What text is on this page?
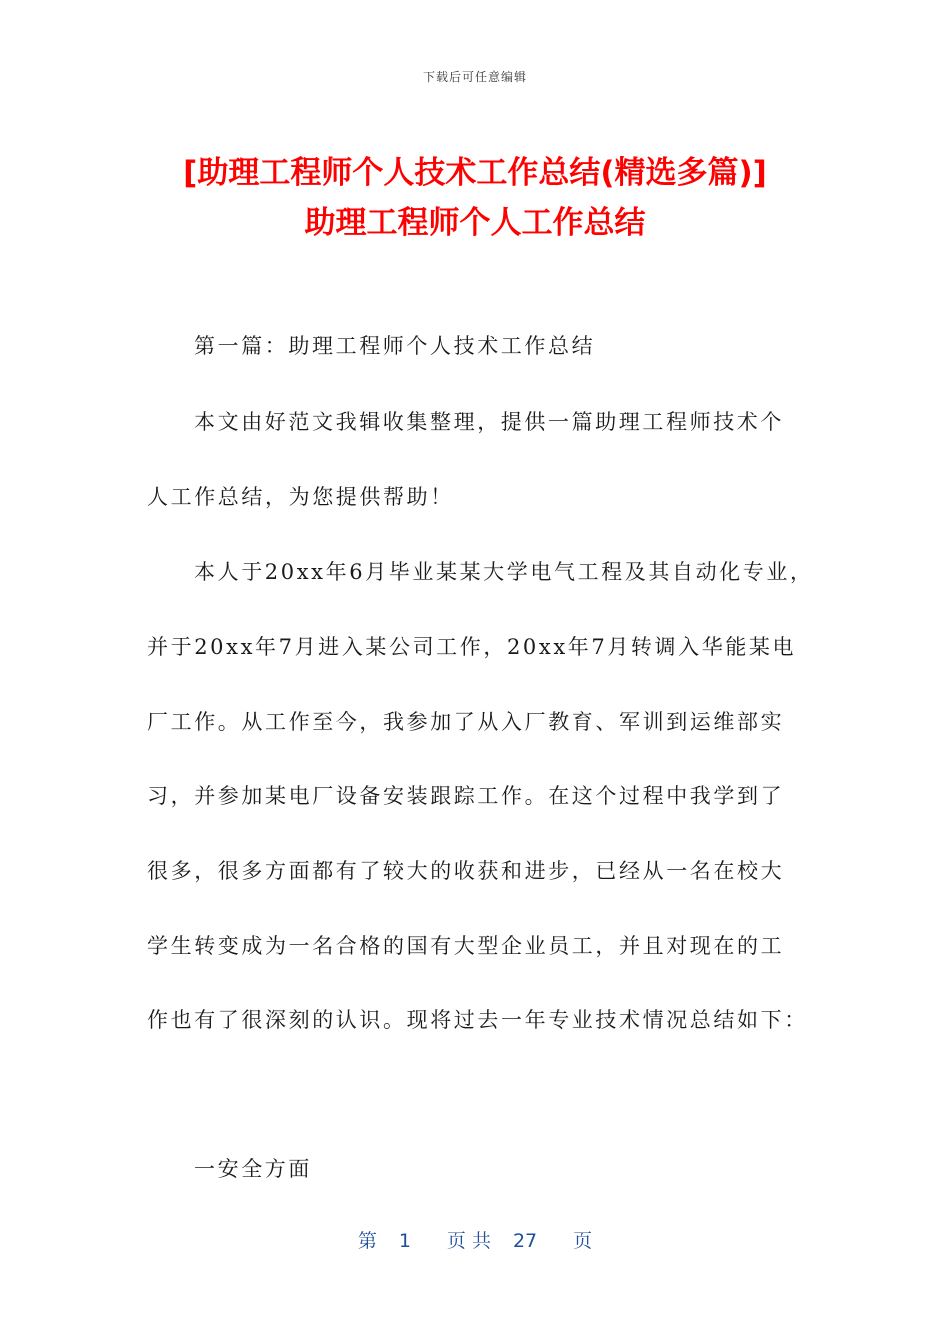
下载后可任意编辑
[助理工程师个人技术工作总结(精选多篇)]
助理工程师个人工作总结
第一篇：助理工程师个人技术工作总结
本文由好范文我辑收集整理，提供一篇助理工程师技术个
人工作总结，为您提供帮助！
本人于20xx年6月毕业某某大学电气工程及其自动化专业，
并于20xx年7月进入某公司工作，20xx年7月转调入华能某电
厂工作。从工作至今，我参加了从入厂教育、军训到运维部实
习，并参加某电厂设备安装跟踪工作。在这个过程中我学到了
很多，很多方面都有了较大的收获和进步，已经从一名在校大
学生转变成为一名合格的国有大型企业员工，并且对现在的工
作也有了很深刻的认识。现将过去一年专业技术情况总结如下：
一安全方面
第 1 页 共 27 页
